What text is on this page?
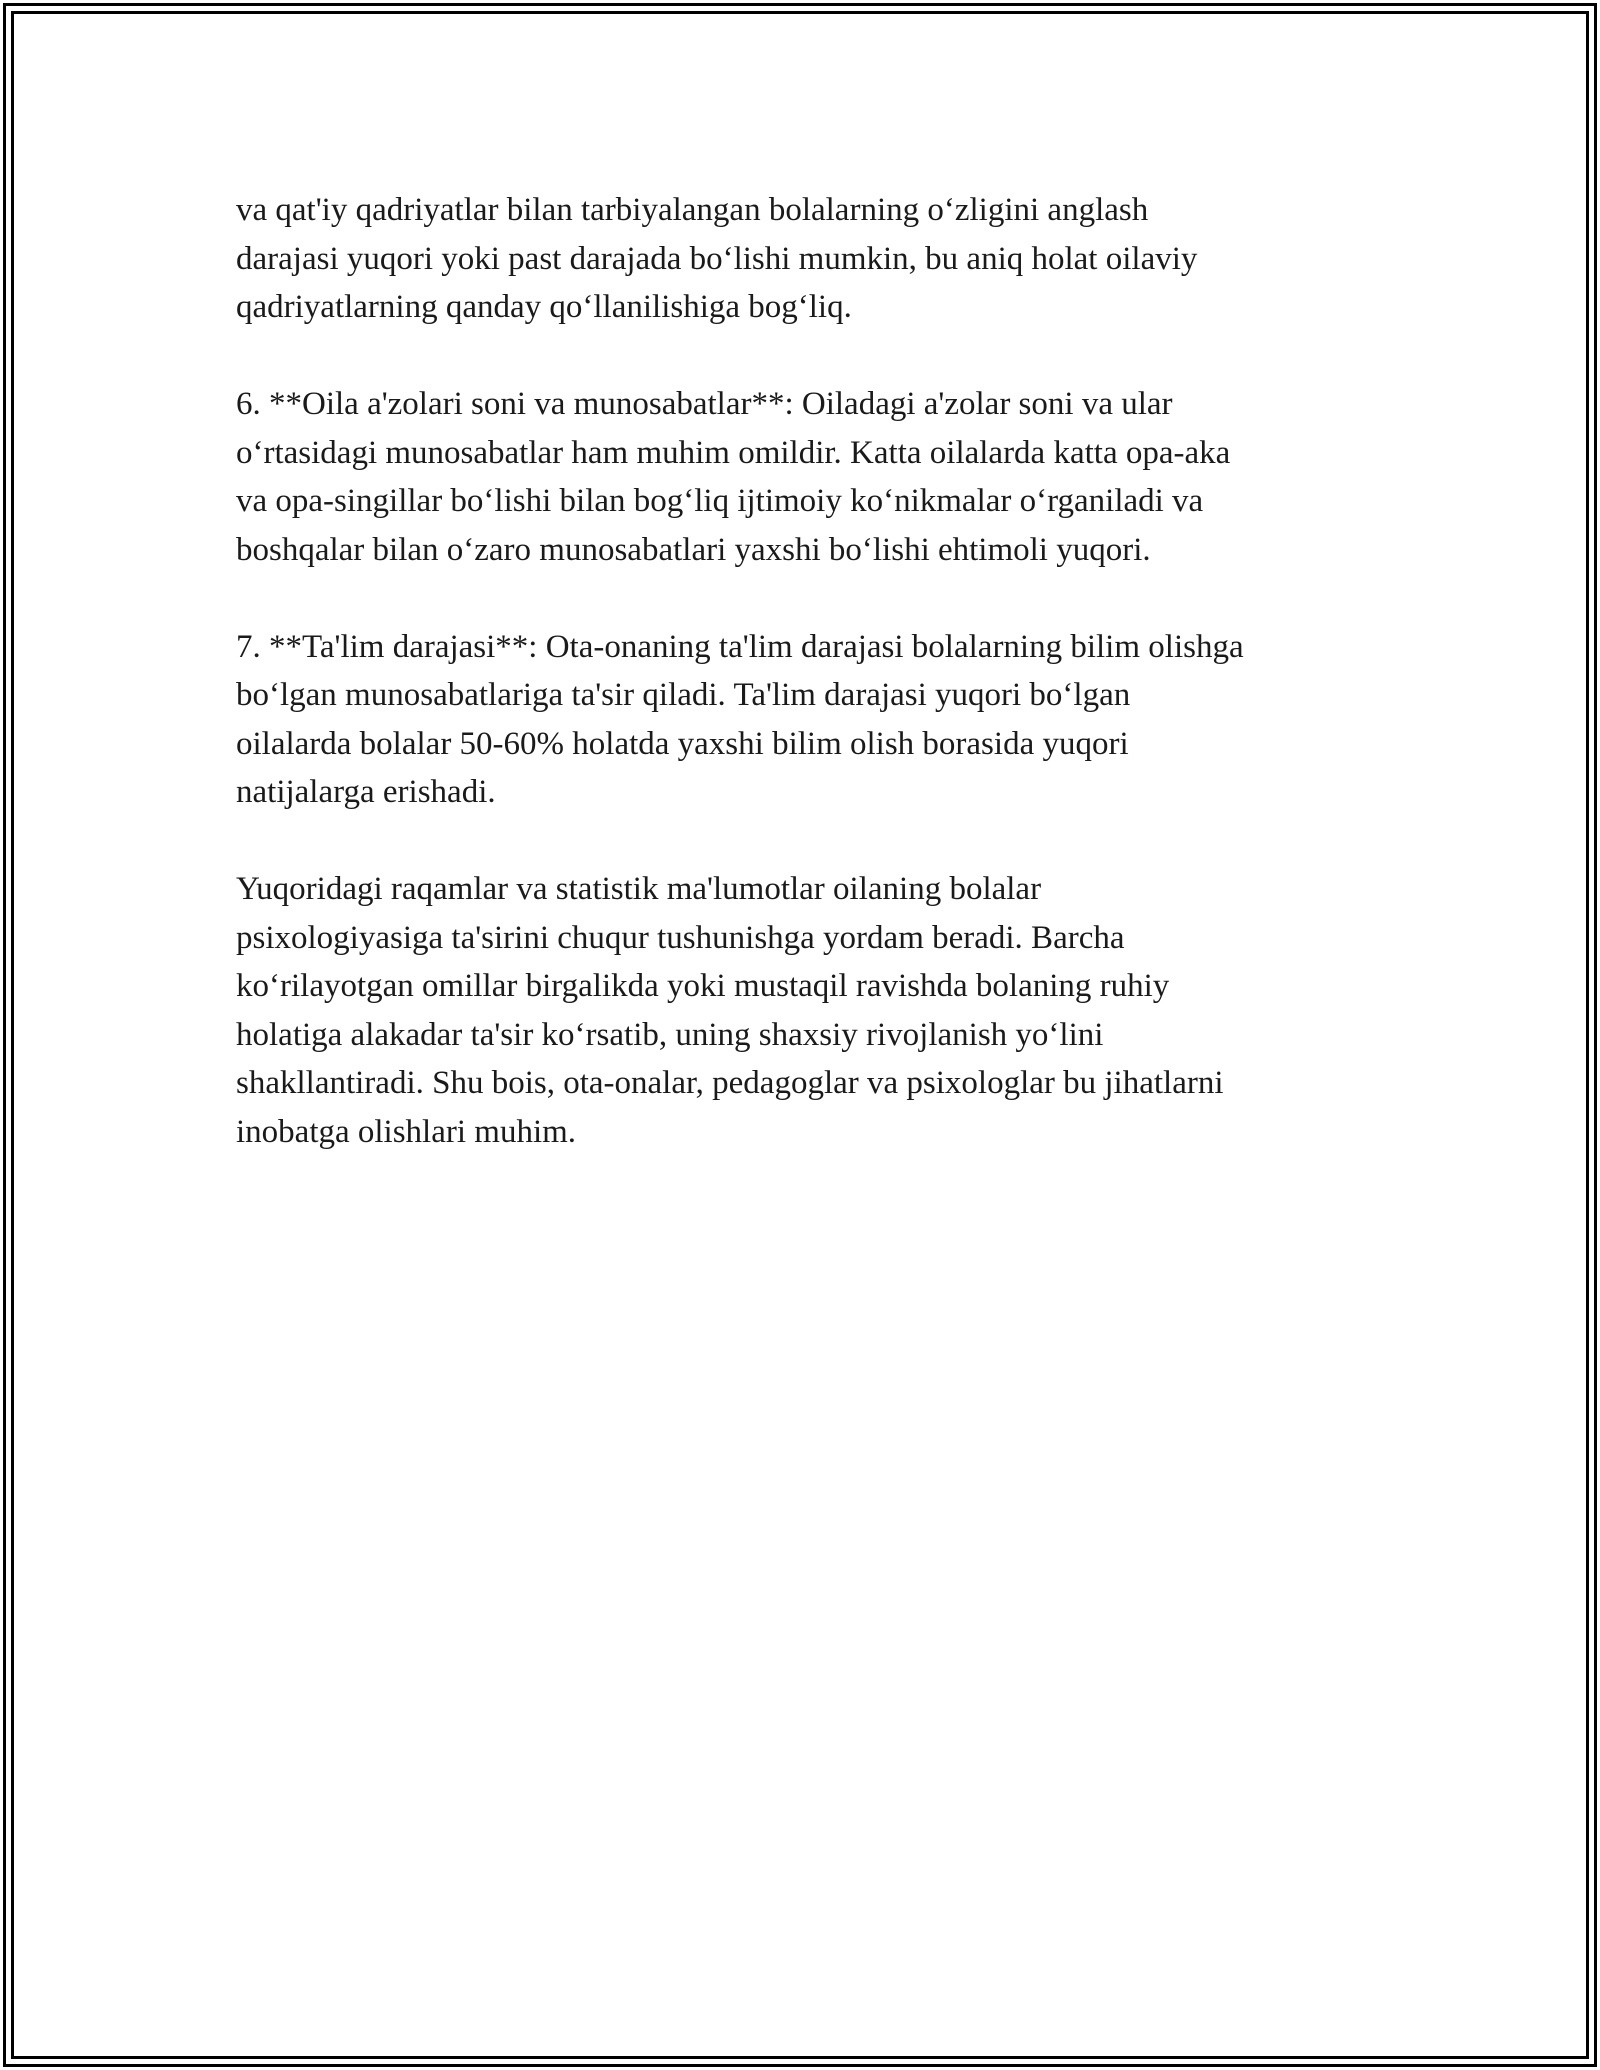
va qat'iy qadriyatlar bilan tarbiyalangan bolalarning o‘zligini anglash
darajasi yuqori yoki past darajada bo‘lishi mumkin, bu aniq holat oilaviy
qadriyatlarning qanday qo‘llanilishiga bog‘liq.

6. **Oila a'zolari soni va munosabatlar**: Oiladagi a'zolar soni va ular
o‘rtasidagi munosabatlar ham muhim omildir. Katta oilalarda katta opa-aka
va opa-singillar bo‘lishi bilan bog‘liq ijtimoiy ko‘nikmalar o‘rganiladi va
boshqalar bilan o‘zaro munosabatlari yaxshi bo‘lishi ehtimoli yuqori.

7. **Ta'lim darajasi**: Ota-onaning ta'lim darajasi bolalarning bilim olishga
bo‘lgan munosabatlariga ta'sir qiladi. Ta'lim darajasi yuqori bo‘lgan
oilalarda bolalar 50-60% holatda yaxshi bilim olish borasida yuqori
natijalarga erishadi.

Yuqoridagi raqamlar va statistik ma'lumotlar oilaning bolalar
psixologiyasiga ta'sirini chuqur tushunishga yordam beradi. Barcha
ko‘rilayotgan omillar birgalikda yoki mustaqil ravishda bolaning ruhiy
holatiga alakadar ta'sir ko‘rsatib, uning shaxsiy rivojlanish yo‘lini
shakllantiradi. Shu bois, ota-onalar, pedagoglar va psixologlar bu jihatlarni
inobatga olishlari muhim.
